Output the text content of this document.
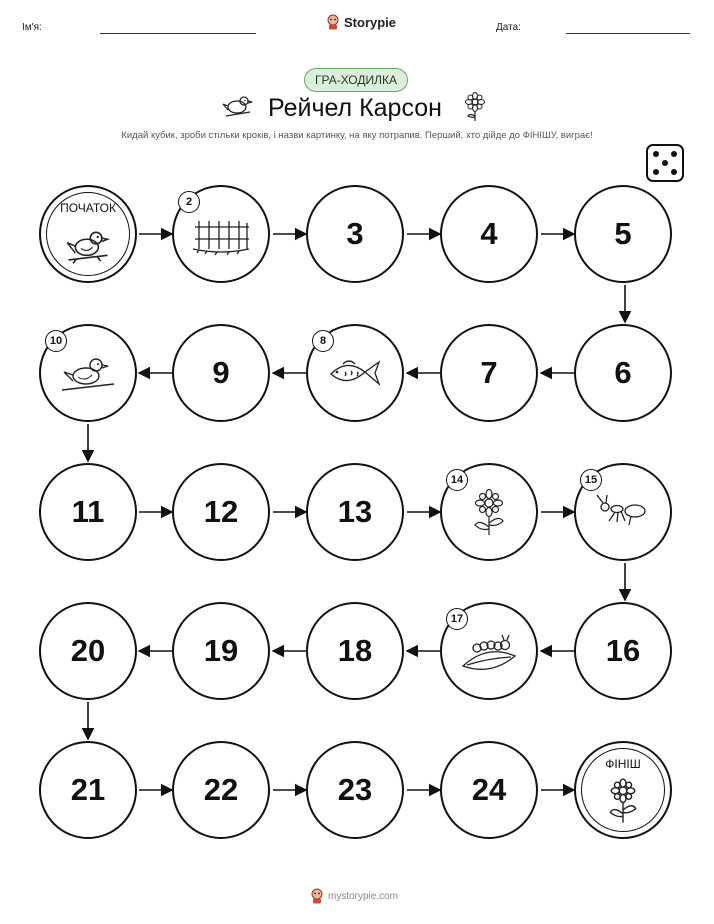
Ім'я:	Storypie	Дата:
ГРА-ХОДИЛКА
Рейчел Карсон
Кидай кубик, зроби стільки кроків, і назви картинку, на яку потрапив. Перший, хто дійде до ФІНІШУ, виграє!
ПОЧАТОК	2
3	4	5
10
9
8
7	6
11	12	13
14	15
20	19	18
17
16
21	22	23	24
ФІНІШ
mystorypie.com
